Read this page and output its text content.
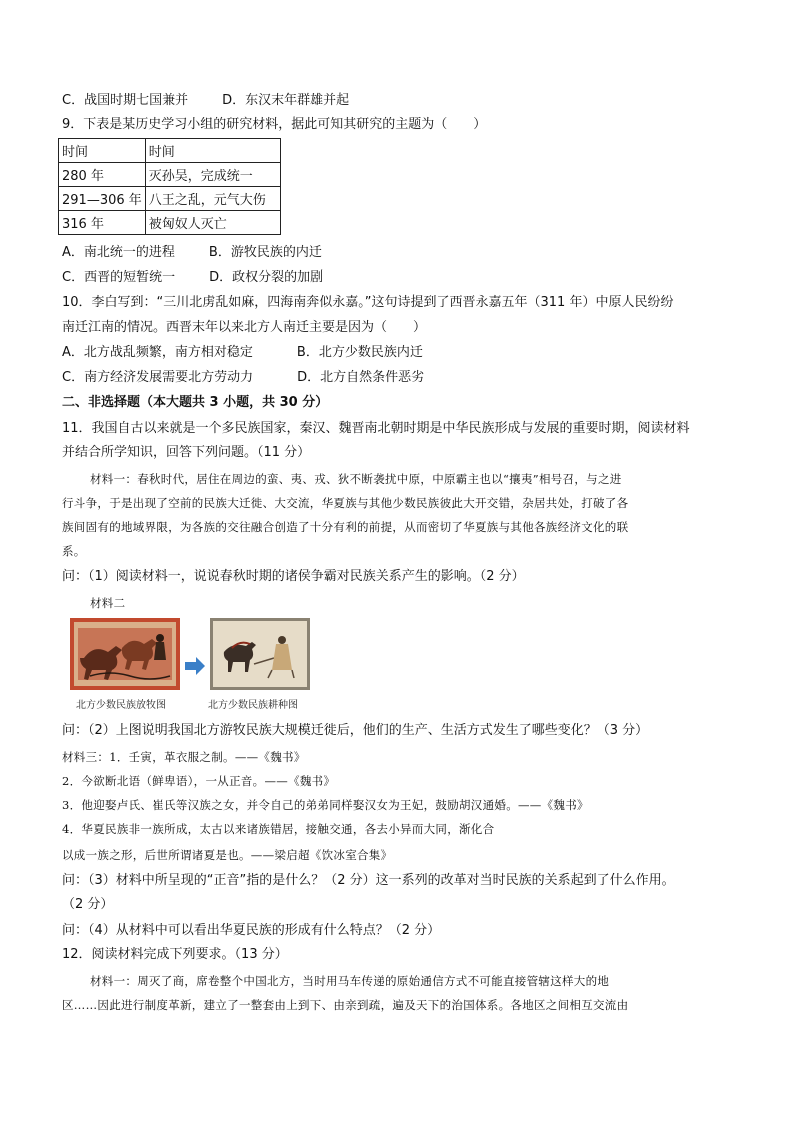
C．战国时期七国兼并	D．东汉末年群雄并起
9．下表是某历史学习小组的研究材料，据此可知其研究的主题为（　　）
时间	时间
280 年	灭孙吴，完成统一
291—306 年	八王之乱，元气大伤
316 年	被匈奴人灭亡
A．南北统一的进程	B．游牧民族的内迁
C．西晋的短暂统一	D．政权分裂的加剧
10．李白写到：“三川北虏乱如麻，四海南奔似永嘉。”这句诗提到了西晋永嘉五年（311 年）中原人民纷纷
南迁江南的情况。西晋末年以来北方人南迁主要是因为（　　）
A．北方战乱频繁，南方相对稳定	B．北方少数民族内迁
C．南方经济发展需要北方劳动力	D．北方自然条件恶劣
二、非选择题（本大题共 3 小题，共 30 分）
11．我国自古以来就是一个多民族国家，秦汉、魏晋南北朝时期是中华民族形成与发展的重要时期，阅读材料
并结合所学知识，回答下列问题。（11 分）
材料一：春秋时代，居住在周边的蛮、夷、戎、狄不断袭扰中原，中原霸主也以“攘夷”相号召，与之进
行斗争，于是出现了空前的民族大迁徙、大交流，华夏族与其他少数民族彼此大开交错，杂居共处，打破了各
族间固有的地域界限，为各族的交往融合创造了十分有利的前提，从而密切了华夏族与其他各族经济文化的联
系。
问：（1）阅读材料一，说说春秋时期的诸侯争霸对民族关系产生的影响。（2 分）
材料二
北方少数民族放牧图	北方少数民族耕种图
问：（2）上图说明我国北方游牧民族大规模迁徙后，他们的生产、生活方式发生了哪些变化？（3 分）
材料三：1．壬寅，革衣服之制。——《魏书》
2．今欲断北语（鲜卑语），一从正音。——《魏书》
3．他迎娶卢氏、崔氏等汉族之女，并令自己的弟弟同样娶汉女为王妃，鼓励胡汉通婚。——《魏书》
4．华夏民族非一族所成，太古以来诸族错居，接触交通，各去小异而大同，渐化合
以成一族之形，后世所谓诸夏是也。——梁启超《饮冰室合集》
问：（3）材料中所呈现的“正音”指的是什么？（2 分）这一系列的改革对当时民族的关系起到了什么作用。
（2 分）
问：（4）从材料中可以看出华夏民族的形成有什么特点？（2 分）
12．阅读材料完成下列要求。（13 分）
材料一：周灭了商，席卷整个中国北方，当时用马车传递的原始通信方式不可能直接管辖这样大的地
区……因此进行制度革新，建立了一整套由上到下、由亲到疏，遍及天下的治国体系。各地区之间相互交流由
